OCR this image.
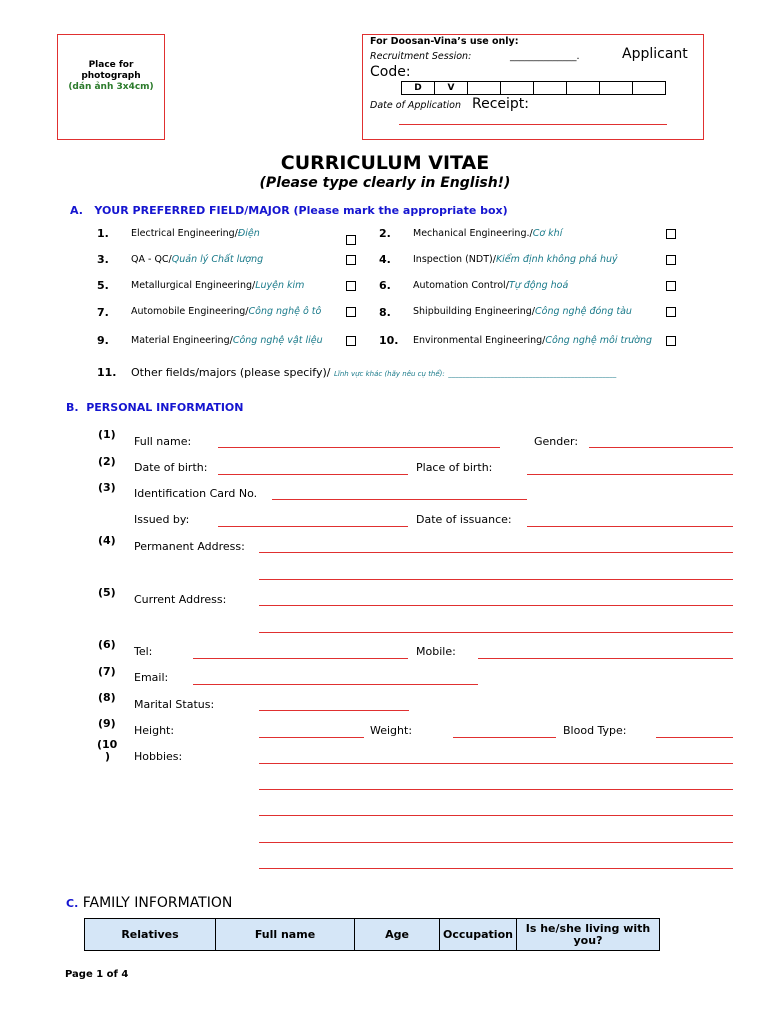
Place for
photograph
(dán ảnh 3x4cm)
For Doosan-Vina’s use only:
Recruitment Session:	______________.	Applicant
Code:
D	V
Date of Application Receipt:
CURRICULUM VITAE
(Please type clearly in English!)
A.   YOUR PREFERRED FIELD/MAJOR (Please mark the appropriate box)
1. Electrical Engineering/Điện	2. Mechanical Engineering./Cơ khí
3. QA - QC/Quản lý Chất lượng	4. Inspection (NDT)/Kiểm định không phá huỷ
5. Metallurgical Engineering/Luyện kim	6. Automation Control/Tự động hoá
7. Automobile Engineering/Công nghệ ô tô	8. Shipbuilding Engineering/Công nghệ đóng tàu
9. Material Engineering/Công nghệ vật liệu	10. Environmental Engineering/Công nghệ môi trường
11. Other fields/majors (please specify)/ Lĩnh vực khác (hãy nêu cụ thể): ________________________________________________
B.  PERSONAL INFORMATION
(1)
Full name:	Gender:
(2) Date of birth:	Place of birth:
(3) Identification Card No.
Issued by:	Date of issuance:
(4) Permanent Address:
(5)
Current Address:
(6)
Tel:	Mobile:
(7) Email:
(8)
Marital Status:
(9)
Height:	Weight:	Blood Type:
(10
) Hobbies:
C. FAMILY INFORMATION
Relatives	Full name	Age	Occupation	Is he/she living with you?
Page 1 of 4
